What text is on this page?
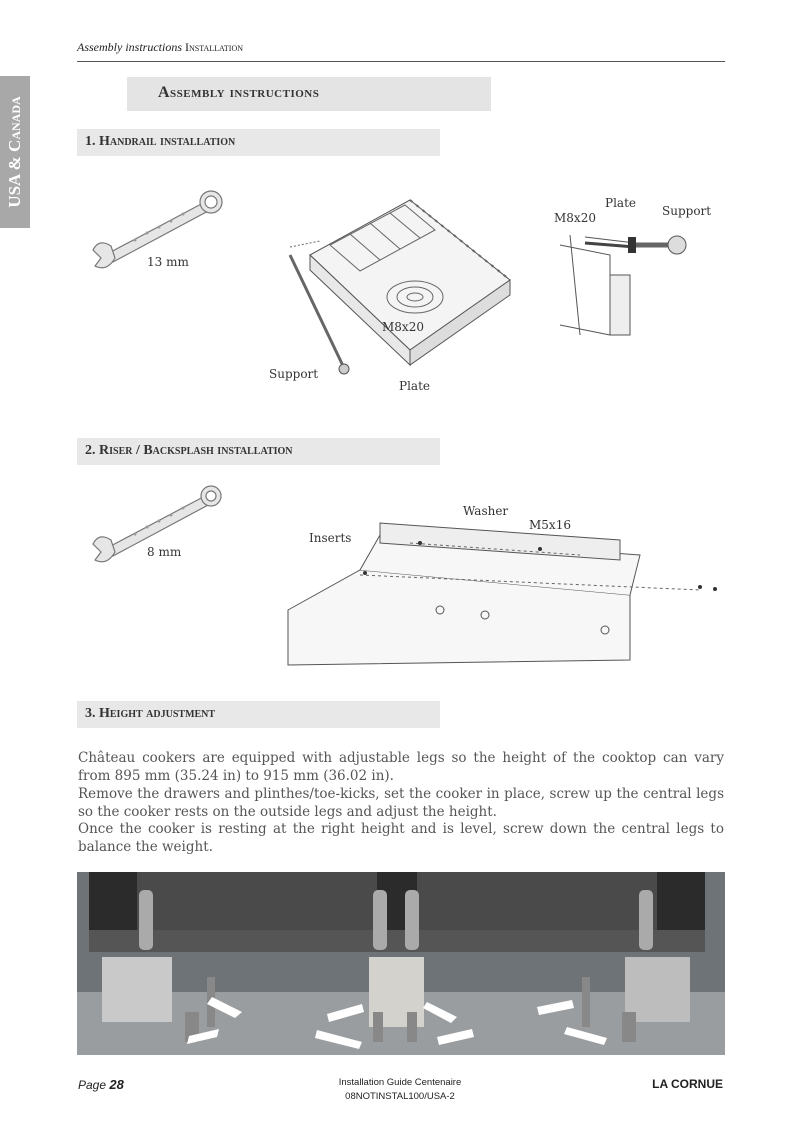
Assembly instructions Installation
USA & Canada
Assembly instructions
1. Handrail installation
13 mm
M8x20
Support
Plate
Plate
Support
M8x20
2. Riser / Backsplash installation
8 mm
Washer
M5x16
Inserts
3. Height adjustment
Château cookers are equipped with adjustable legs so the height of the cooktop can vary from 895 mm (35.24 in) to 915 mm (36.02 in).
Remove the drawers and plinthes/toe-kicks, set the cooker in place, screw up the central legs so the cooker rests on the outside legs and adjust the height.
Once the cooker is resting at the right height and is level, screw down the central legs to balance the weight.
Page 28	Installation Guide Centenaire
08NOTINSTAL100/USA-2
LA CORNUE
